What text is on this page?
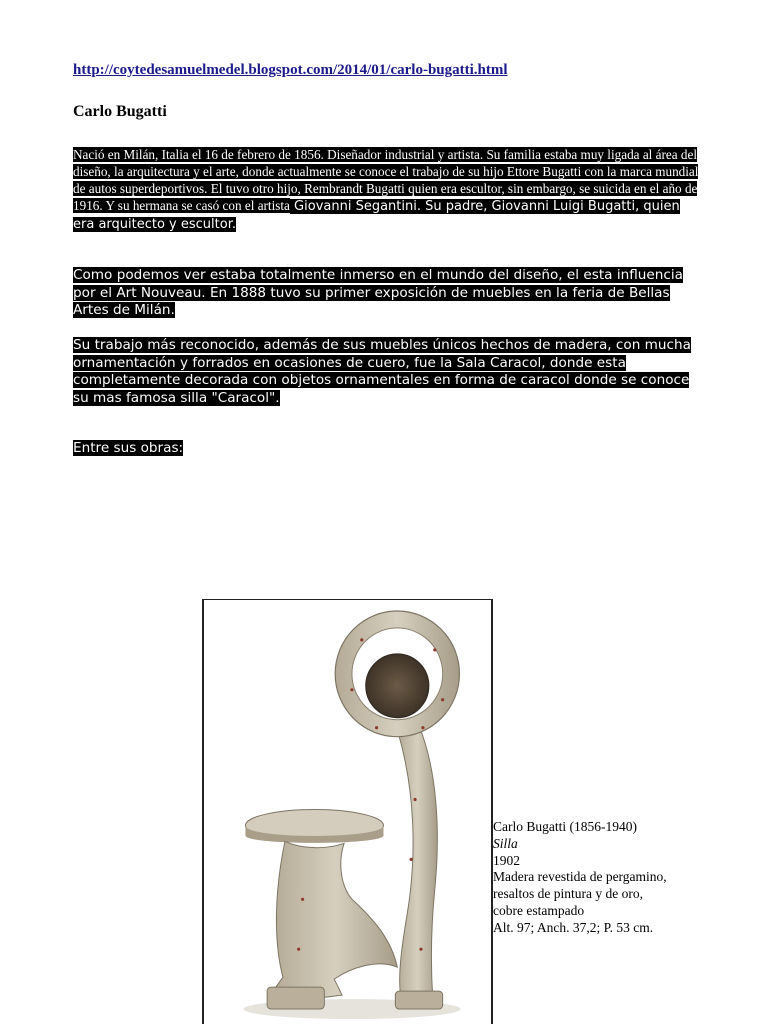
http://coytedesamuelmedel.blogspot.com/2014/01/carlo-bugatti.html
Carlo Bugatti

Nació en Milán, Italia el 16 de febrero de 1856. Diseñador industrial y artista. Su familia estaba muy ligada al área del diseño, la arquitectura y el arte, donde actualmente se conoce el trabajo de su hijo Ettore Bugatti con la marca mundial de autos superdeportivos. El tuvo otro hijo, Rembrandt Bugatti quien era escultor, sin embargo, se suicida en el año de 1916. Y su hermana se casó con el artista Giovanni Segantini. Su padre, Giovanni Luigi Bugatti, quien era arquitecto y escultor.

Como podemos ver estaba totalmente inmerso en el mundo del diseño, el esta influencia por el Art Nouveau. En 1888 tuvo su primer exposición de muebles en la feria de Bellas Artes de Milán.

Su trabajo más reconocido, además de sus muebles únicos hechos de madera, con mucha ornamentación y forrados en ocasiones de cuero, fue la Sala Caracol, donde esta completamente decorada con objetos ornamentales en forma de caracol donde se conoce su mas famosa silla "Caracol".

Entre sus obras:

Carlo Bugatti (1856-1940)
Silla
1902
Madera revestida de pergamino,
resaltos de pintura y de oro,
cobre estampado
Alt. 97; Anch. 37,2; P. 53 cm.
